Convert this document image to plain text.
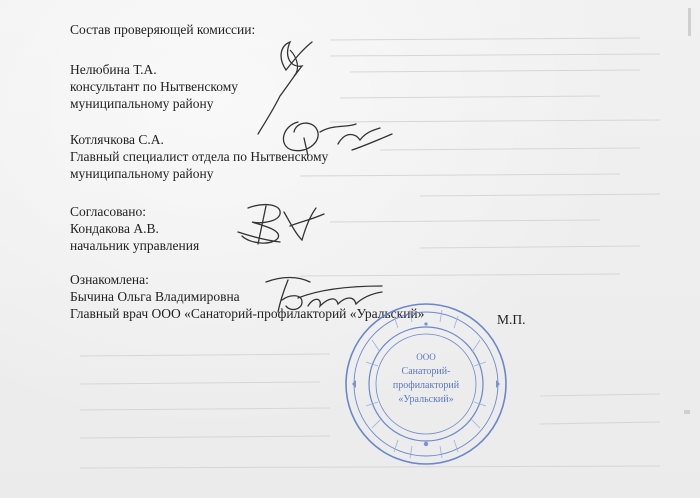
Состав проверяющей комиссии:
Нелюбина Т.А.
консультант по Нытвенскому
муниципальному району
Котлячкова С.А.
Главный специалист отдела по Нытвенскому
муниципальному району
Согласовано:
Кондакова А.В.
начальник управления
Ознакомлена:
Бычина Ольга Владимировна
Главный врач ООО «Санаторий-профилакторий «Уральский»	М.П.
ООО
Санаторий-
профилакторий
«Уральский»
